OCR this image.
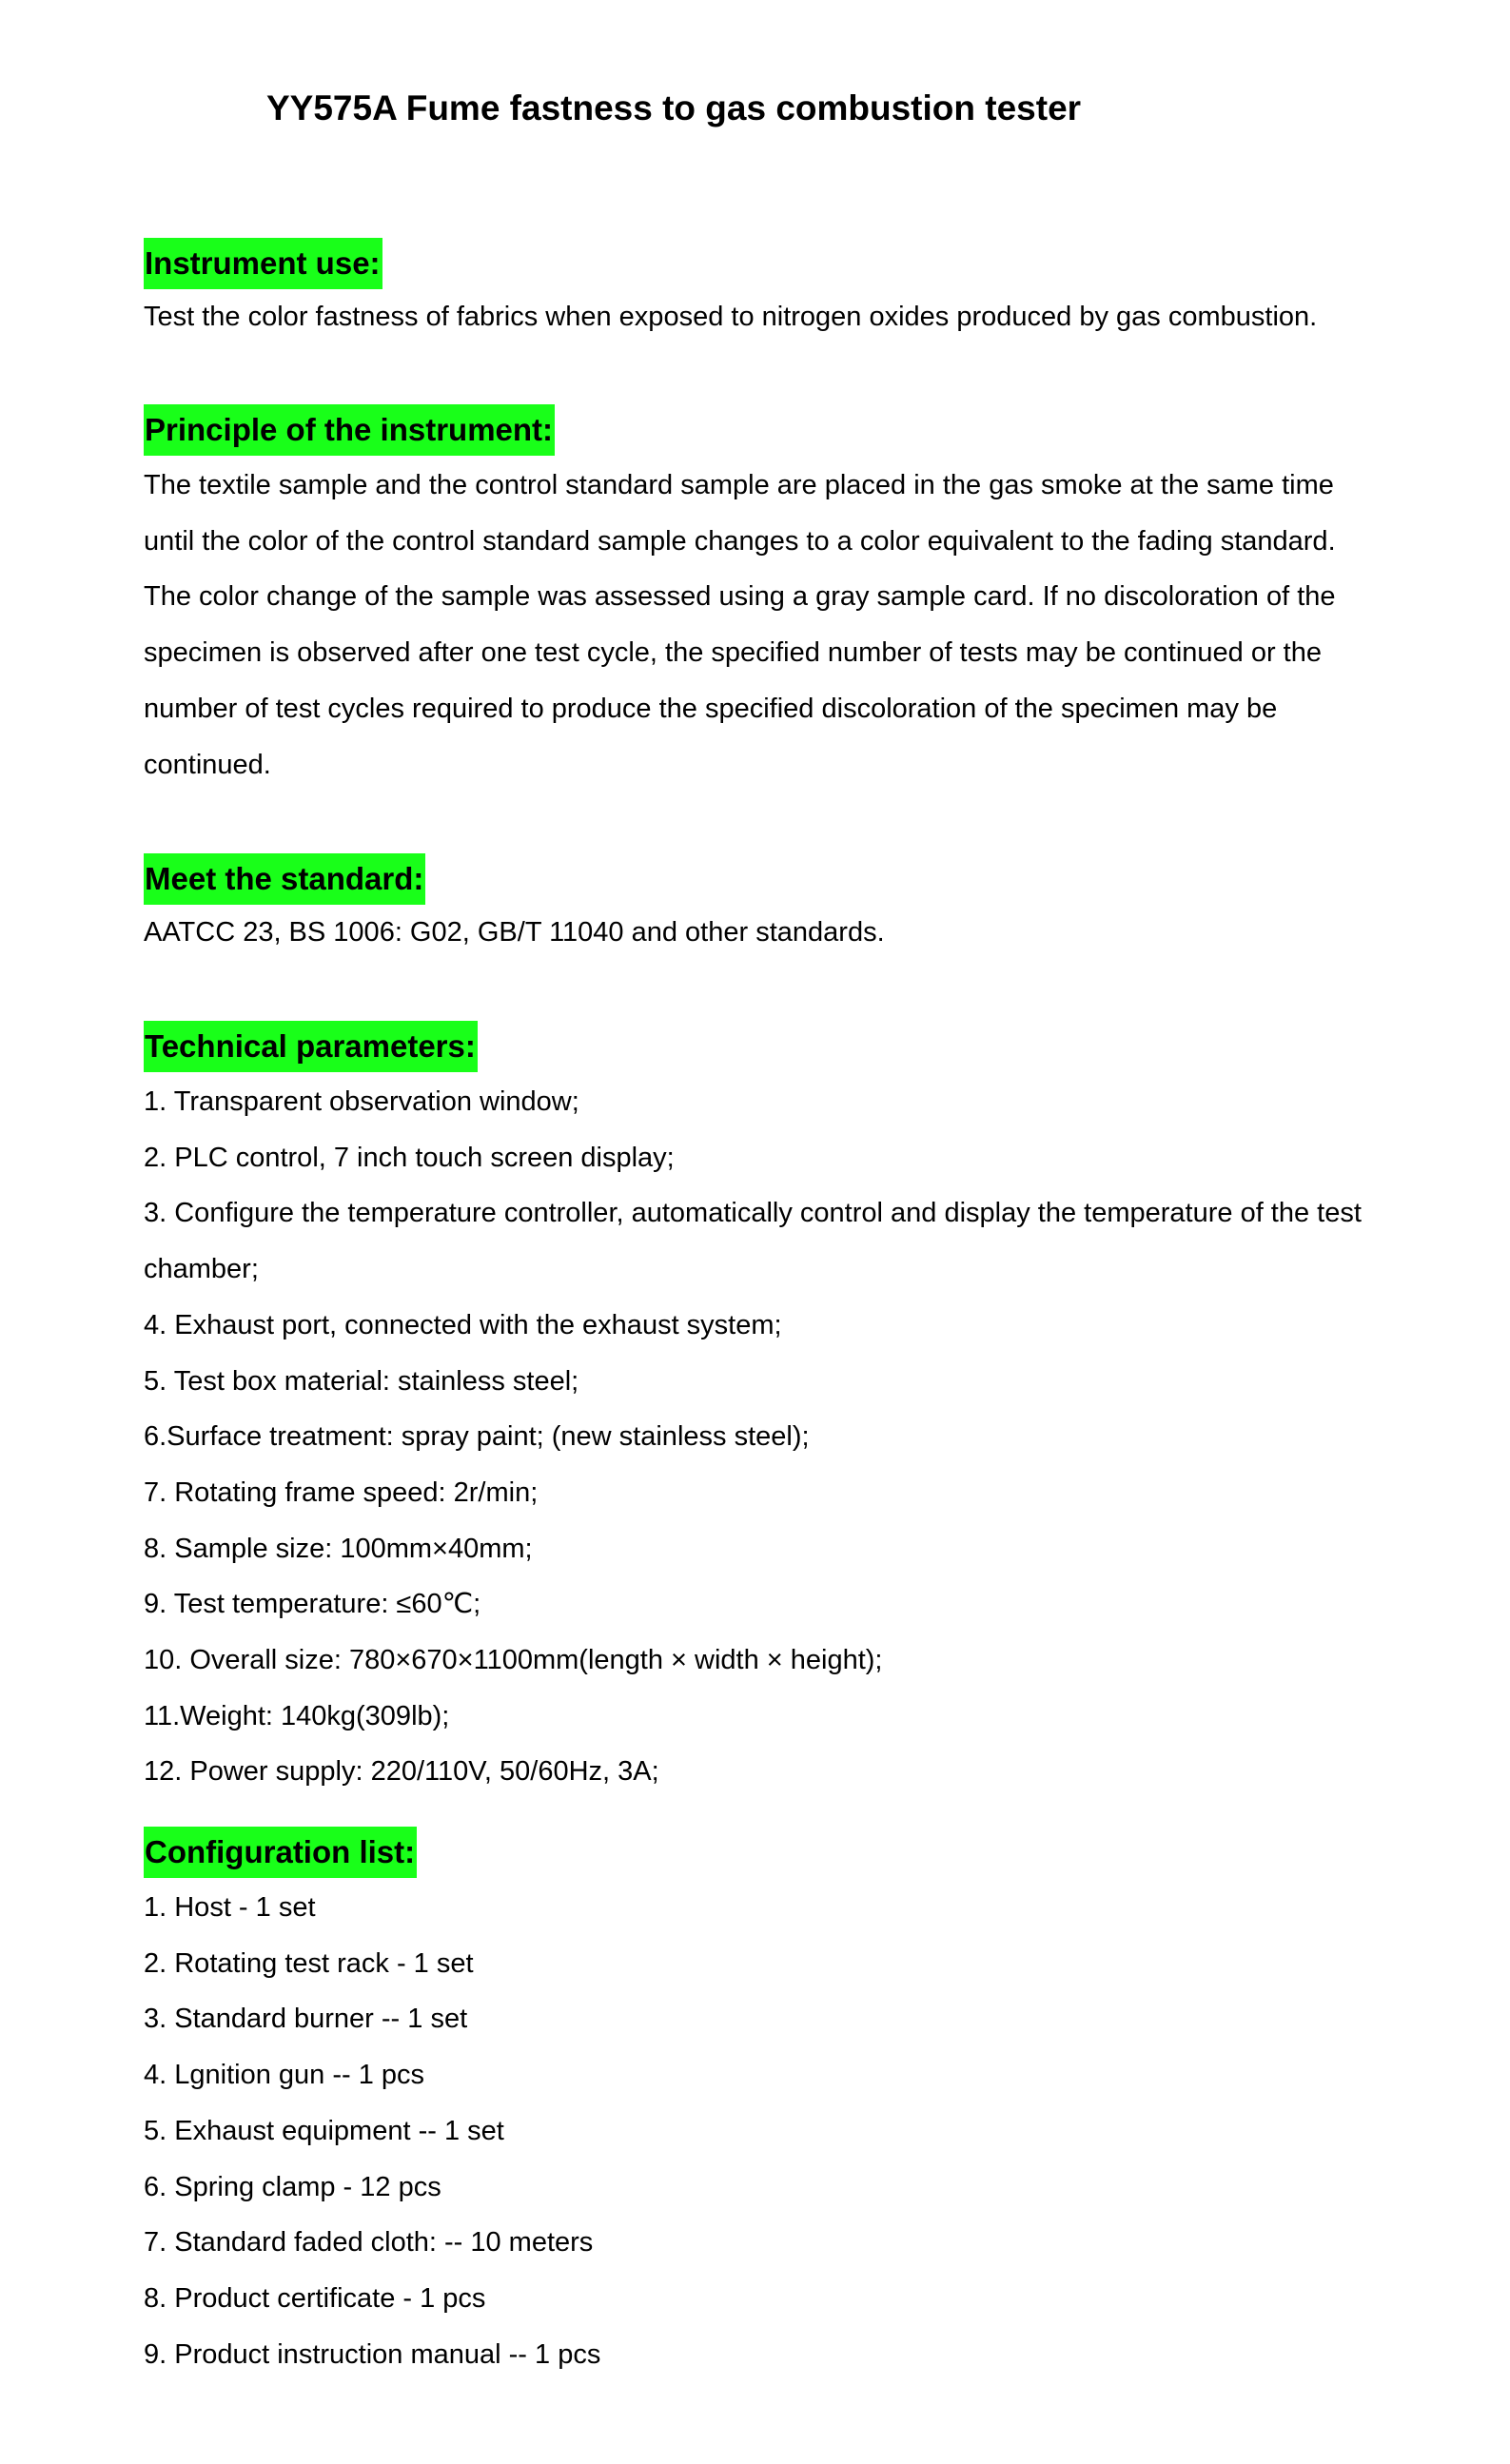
YY575A Fume fastness to gas combustion tester
Instrument use:
Test the color fastness of fabrics when exposed to nitrogen oxides produced by gas combustion.
Principle of the instrument:

The textile sample and the control standard sample are placed in the gas smoke at the same time until the color of the control standard sample changes to a color equivalent to the fading standard. The color change of the sample was assessed using a gray sample card. If no discoloration of the specimen is observed after one test cycle, the specified number of tests may be continued or the number of test cycles required to produce the specified discoloration of the specimen may be continued.

Meet the standard:
AATCC 23, BS 1006: G02, GB/T 11040 and other standards.
Technical parameters:
1. Transparent observation window;
2. PLC control, 7 inch touch screen display;
3. Configure the temperature controller, automatically control and display the temperature of the test chamber;
4. Exhaust port, connected with the exhaust system;
5. Test box material: stainless steel;
6.Surface treatment: spray paint; (new stainless steel);
7. Rotating frame speed: 2r/min;
8. Sample size: 100mm×40mm;
9. Test temperature: ≤60℃;
10. Overall size: 780×670×1100mm(length × width × height);
11.Weight: 140kg(309lb);
12. Power supply: 220/110V, 50/60Hz, 3A;
Configuration list:
1. Host - 1 set
2. Rotating test rack - 1 set
3. Standard burner -- 1 set
4. Lgnition gun -- 1 pcs
5. Exhaust equipment -- 1 set
6. Spring clamp - 12 pcs
7. Standard faded cloth: -- 10 meters
8. Product certificate - 1 pcs
9. Product instruction manual -- 1 pcs
